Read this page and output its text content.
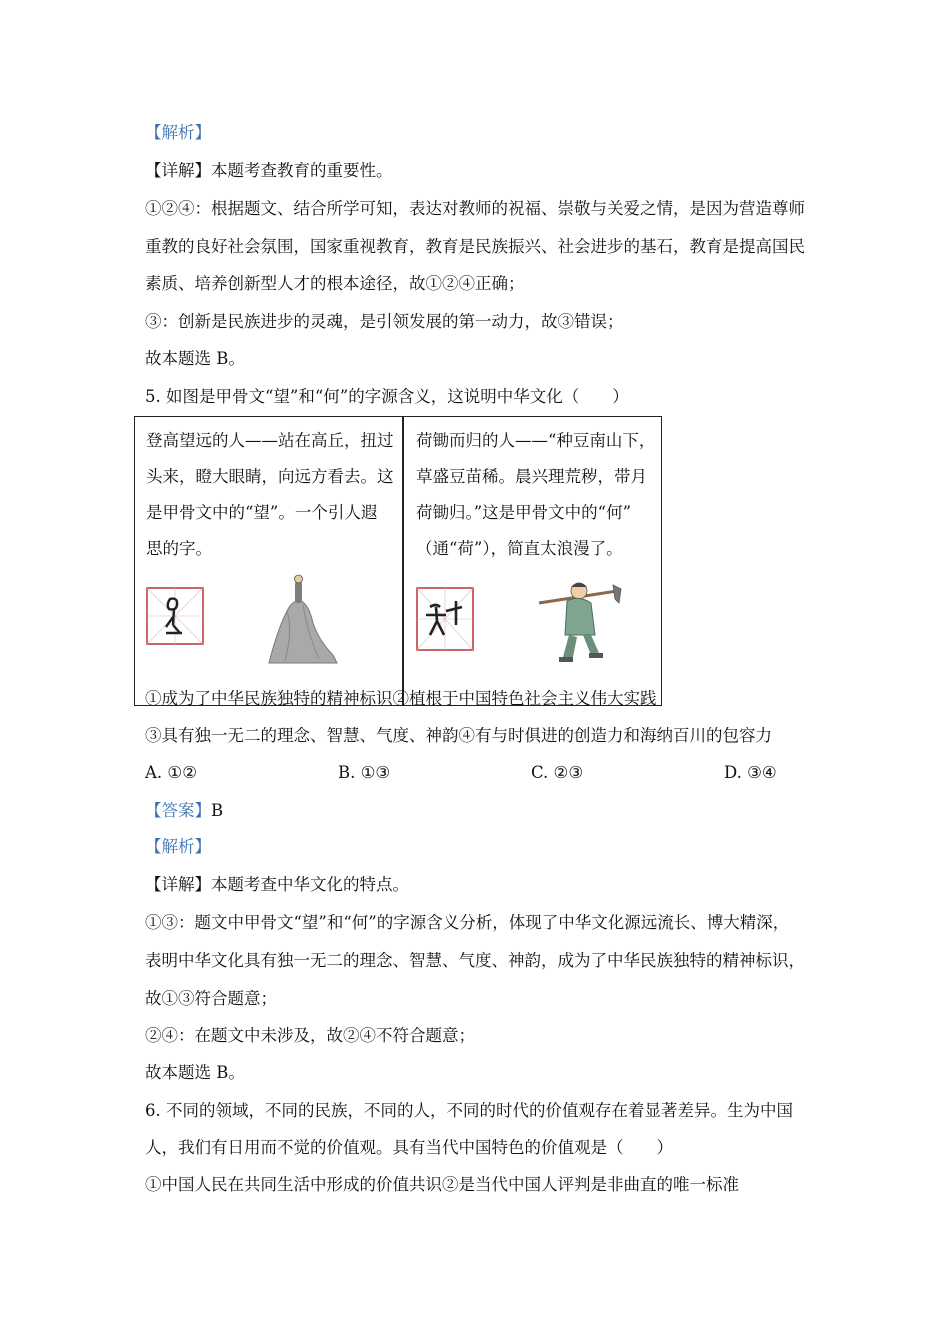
【解析】
【详解】本题考查教育的重要性。
①②④：根据题文、结合所学可知，表达对教师的祝福、崇敬与关爱之情，是因为营造尊师
重教的良好社会氛围，国家重视教育，教育是民族振兴、社会进步的基石，教育是提高国民
素质、培养创新型人才的根本途径，故①②④正确；
③：创新是民族进步的灵魂，是引领发展的第一动力，故③错误；
故本题选 B。
5. 如图是甲骨文“望”和“何”的字源含义，这说明中华文化（　　）
登高望远的人——站在高丘，扭过
头来，瞪大眼睛，向远方看去。这
是甲骨文中的“望”。一个引人遐
思的字。
荷锄而归的人——“种豆南山下，
草盛豆苗稀。晨兴理荒秽，带月
荷锄归。”这是甲骨文中的“何”
（通“荷”），简直太浪漫了。
①成为了中华民族独特的精神标识②植根于中国特色社会主义伟大实践
③具有独一无二的理念、智慧、气度、神韵④有与时俱进的创造力和海纳百川的包容力
A. ①②	B. ①③	C. ②③	D. ③④
【答案】B
【解析】
【详解】本题考查中华文化的特点。
①③：题文中甲骨文“望”和“何”的字源含义分析，体现了中华文化源远流长、博大精深，
表明中华文化具有独一无二的理念、智慧、气度、神韵，成为了中华民族独特的精神标识，
故①③符合题意；
②④：在题文中未涉及，故②④不符合题意；
故本题选 B。
6. 不同的领域，不同的民族，不同的人，不同的时代的价值观存在着显著差异。生为中国
人，我们有日用而不觉的价值观。具有当代中国特色的价值观是（　　）
①中国人民在共同生活中形成的价值共识②是当代中国人评判是非曲直的唯一标准
